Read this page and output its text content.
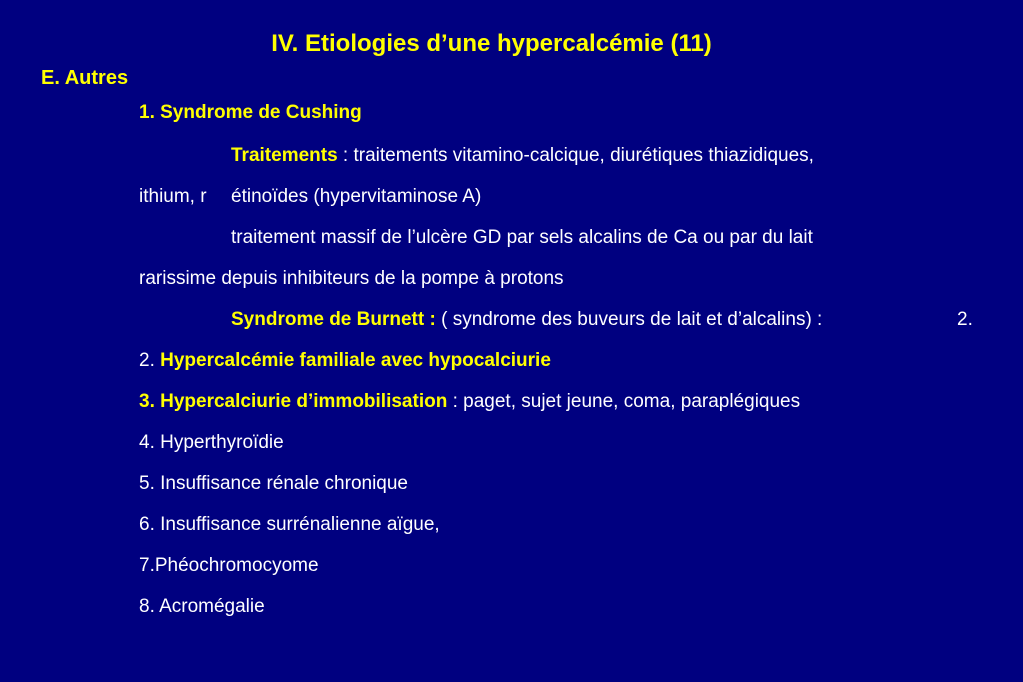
IV. Etiologies d’une hypercalcémie (11)
E. Autres
1. Syndrome de Cushing
Traitements : traitements vitamino-calcique, diurétiques thiazidiques,
ithium, r étinoïdes (hypervitaminose A)
traitement massif de l’ulcère GD par sels alcalins de Ca ou par du lait
rarissime depuis inhibiteurs de la pompe à protons
Syndrome de Burnett : ( syndrome des buveurs de lait et d’alcalins) :	2.
2. Hypercalcémie familiale avec hypocalciurie
3. Hypercalciurie d’immobilisation : paget, sujet jeune, coma, paraplégiques
4. Hyperthyroïdie
5. Insuffisance rénale chronique
6. Insuffisance surrénalienne aïgue,
7.Phéochromocyome
8. Acromégalie
